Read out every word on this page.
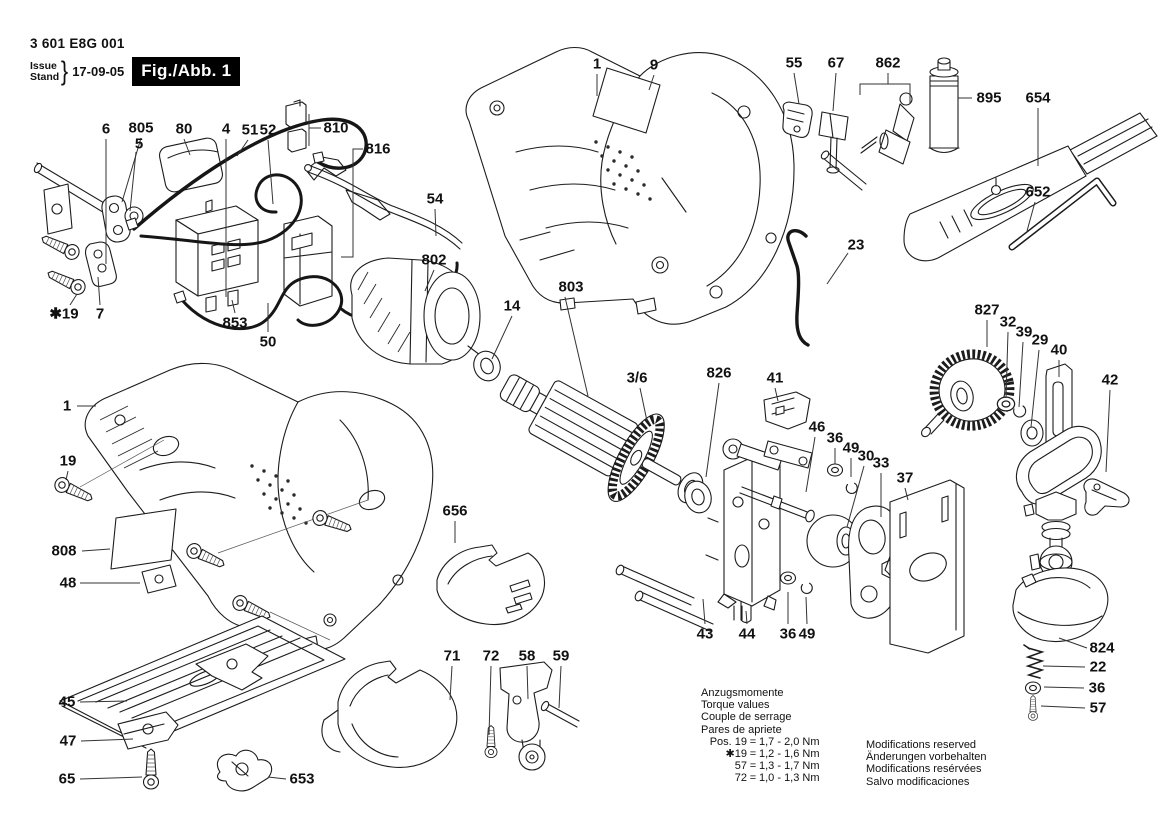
1	9	55 67 862
895 654
652
23
6 805
5
80 4 51 52	810
816
54
802
✱19 7
853
50
14
803
3/6	826 41
46
36
49
30
33
37
43 44 36 49
827
32
39 29
40
42
824
22
36
57
656
71 72 58 59
1
19
808
48
45
47
65	653
3 601 E8G 001
Issue
Stand } 17-09-05	Fig./Abb. 1
Anzugsmomente
Torque values
Couple de serrage
Pares de apriete
Pos. 19 = 1,7 - 2,0 Nm
✱19 = 1,2 - 1,6 Nm
57 = 1,3 - 1,7 Nm
72 = 1,0 - 1,3 Nm
Modifications reserved
Änderungen vorbehalten
Modifications resérvées
Salvo modificaciones
